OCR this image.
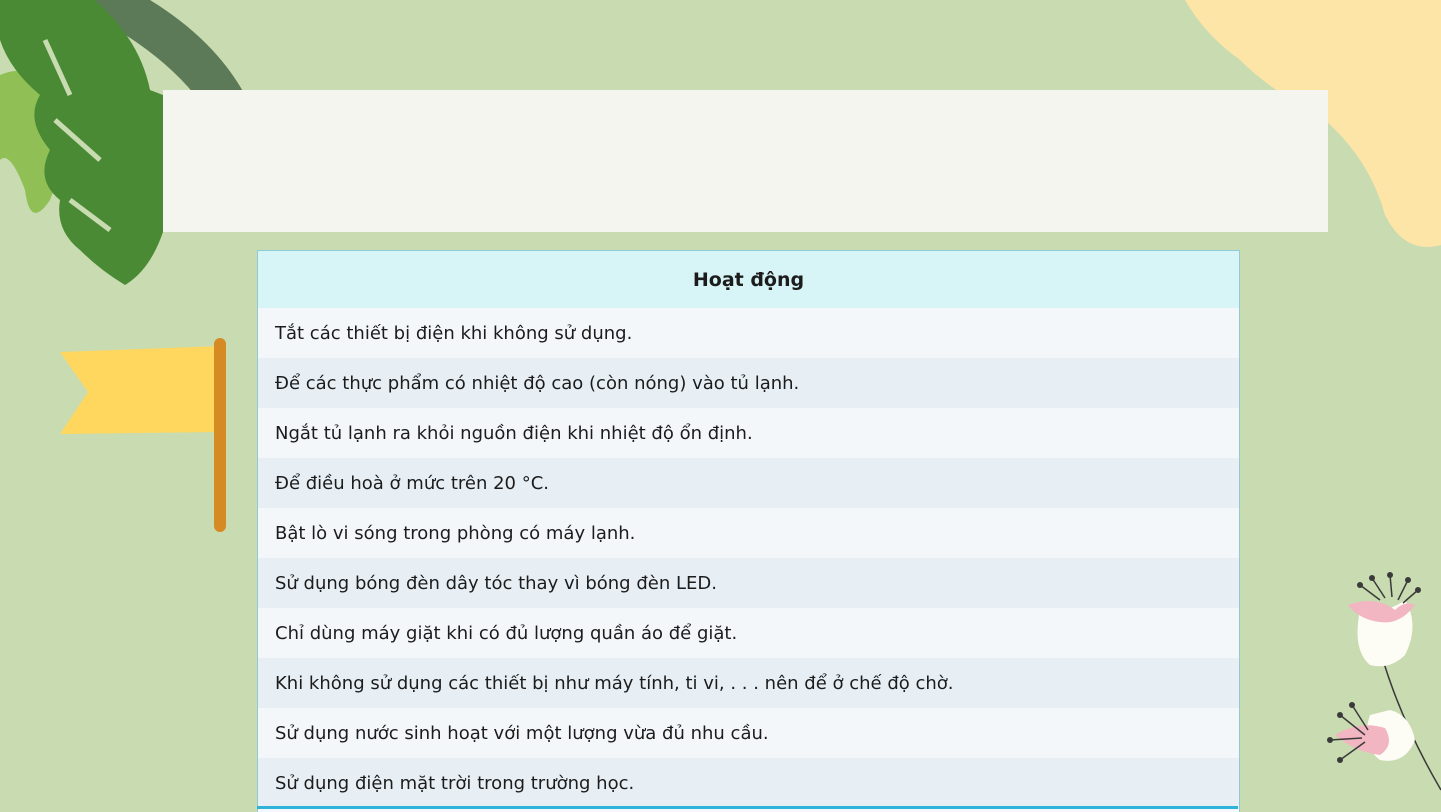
Hoạt động
Tắt các thiết bị điện khi không sử dụng.
Để các thực phẩm có nhiệt độ cao (còn nóng) vào tủ lạnh.
Ngắt tủ lạnh ra khỏi nguồn điện khi nhiệt độ ổn định.
Để điều hoà ở mức trên 20 °C.
Bật lò vi sóng trong phòng có máy lạnh.
Sử dụng bóng đèn dây tóc thay vì bóng đèn LED.
Chỉ dùng máy giặt khi có đủ lượng quần áo để giặt.
Khi không sử dụng các thiết bị như máy tính, ti vi, . . . nên để ở chế độ chờ.
Sử dụng nước sinh hoạt với một lượng vừa đủ nhu cầu.
Sử dụng điện mặt trời trong trường học.
